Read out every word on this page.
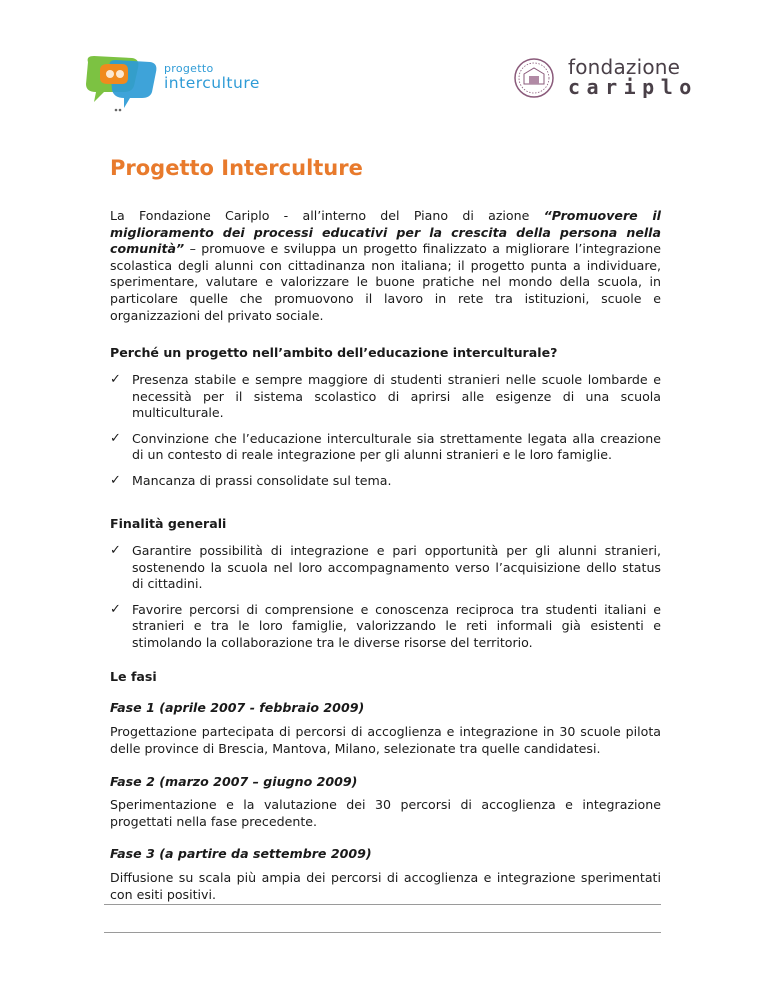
progetto
interculture
fondazione
cariplo
Progetto Interculture

La Fondazione Cariplo - all’interno del Piano di azione “Promuovere il miglioramento dei processi educativi per la crescita della persona nella comunità” – promuove e sviluppa un progetto finalizzato a migliorare l’integrazione scolastica degli alunni con cittadinanza non italiana; il progetto punta a individuare, sperimentare, valutare e valorizzare le buone pratiche nel mondo della scuola, in particolare quelle che promuovono il lavoro in rete tra istituzioni, scuole e organizzazioni del privato sociale.

Perché un progetto nell’ambito dell’educazione interculturale?
✓ Presenza stabile e sempre maggiore di studenti stranieri nelle scuole lombarde e necessità per il sistema scolastico di aprirsi alle esigenze di una scuola multiculturale.
✓ Convinzione che l’educazione interculturale sia strettamente legata alla creazione di un contesto di reale integrazione per gli alunni stranieri e le loro famiglie.
✓ Mancanza di prassi consolidate sul tema.
Finalità generali
✓ Garantire possibilità di integrazione e pari opportunità per gli alunni stranieri, sostenendo la scuola nel loro accompagnamento verso l’acquisizione dello status di cittadini.
✓ Favorire percorsi di comprensione e conoscenza reciproca tra studenti italiani e stranieri e tra le loro famiglie, valorizzando le reti informali già esistenti e stimolando la collaborazione tra le diverse risorse del territorio.
Le fasi
Fase 1 (aprile 2007 - febbraio 2009)

Progettazione partecipata di percorsi di accoglienza e integrazione in 30 scuole pilota delle province di Brescia, Mantova, Milano, selezionate tra quelle candidatesi.

Fase 2 (marzo 2007 – giugno 2009)

Sperimentazione e la valutazione dei 30 percorsi di accoglienza e integrazione progettati nella fase precedente.

Fase 3 (a partire da settembre 2009)

Diffusione su scala più ampia dei percorsi di accoglienza e integrazione sperimentati con esiti positivi.
